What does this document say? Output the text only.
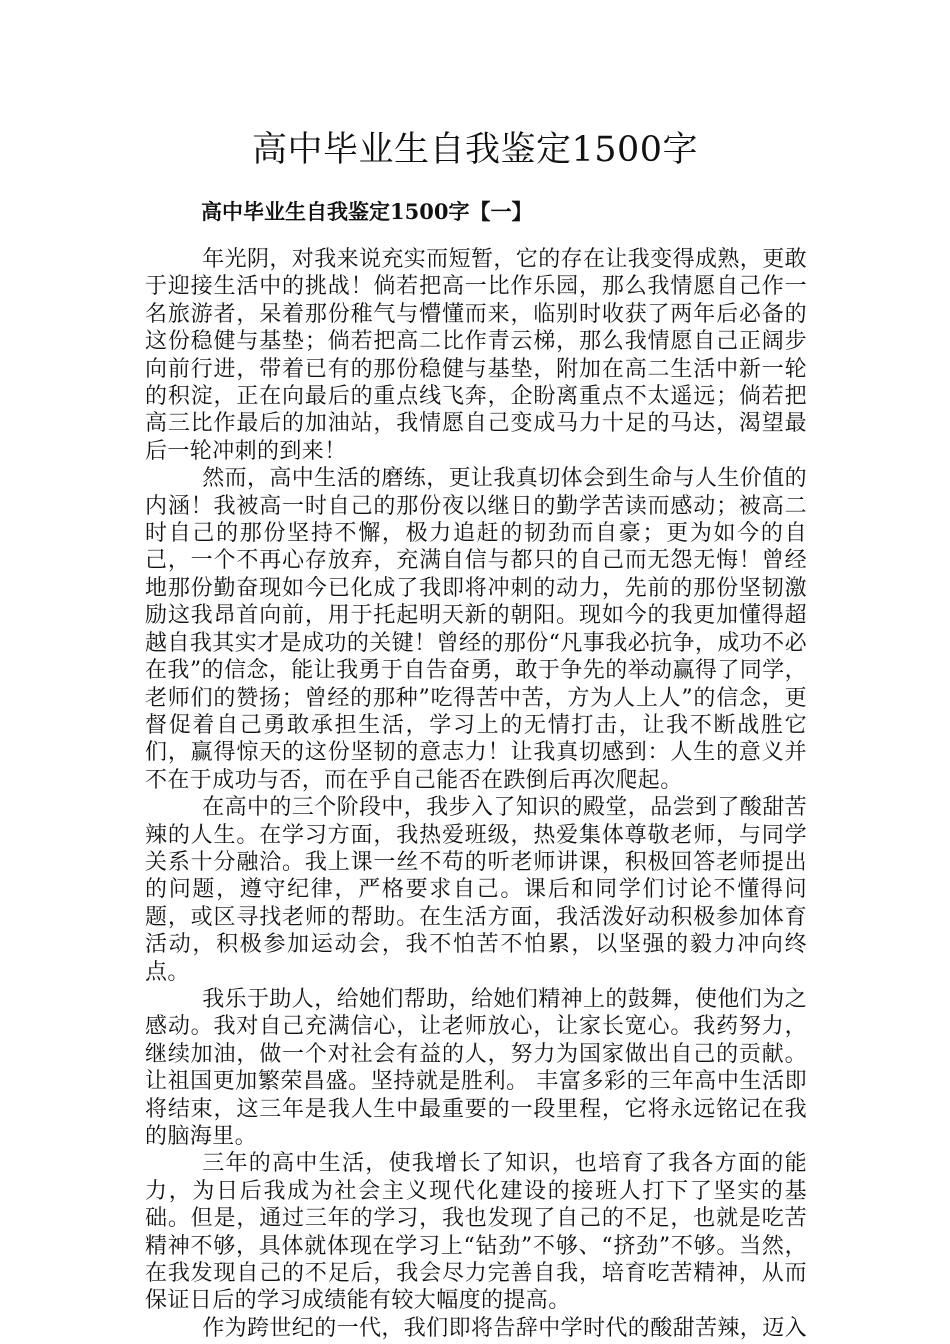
高中毕业生自我鉴定1500字
高中毕业生自我鉴定1500字【一】

年光阴，对我来说充实而短暂，它的存在让我变得成熟，更敢于迎接生活中的挑战！倘若把高一比作乐园，那么我情愿自己作一名旅游者，呆着那份稚气与懵懂而来，临别时收获了两年后必备的这份稳健与基垫；倘若把高二比作青云梯，那么我情愿自己正阔步向前行进，带着已有的那份稳健与基垫，附加在高二生活中新一轮的积淀，正在向最后的重点线飞奔，企盼离重点不太遥远；倘若把高三比作最后的加油站，我情愿自己变成马力十足的马达，渴望最后一轮冲刺的到来！

然而，高中生活的磨练，更让我真切体会到生命与人生价值的内涵！我被高一时自己的那份夜以继日的勤学苦读而感动；被高二时自己的那份坚持不懈，极力追赶的韧劲而自豪；更为如今的自己，一个不再心存放弃，充满自信与都只的自己而无怨无悔！曾经地那份勤奋现如今已化成了我即将冲刺的动力，先前的那份坚韧激励这我昂首向前，用于托起明天新的朝阳。现如今的我更加懂得超越自我其实才是成功的关键！曾经的那份“凡事我必抗争，成功不必在我”的信念，能让我勇于自告奋勇，敢于争先的举动赢得了同学，老师们的赞扬；曾经的那种”吃得苦中苦，方为人上人”的信念，更督促着自己勇敢承担生活，学习上的无情打击，让我不断战胜它们，赢得惊天的这份坚韧的意志力！让我真切感到：人生的意义并不在于成功与否，而在乎自己能否在跌倒后再次爬起。

在高中的三个阶段中，我步入了知识的殿堂，品尝到了酸甜苦辣的人生。在学习方面，我热爱班级，热爱集体尊敬老师，与同学关系十分融洽。我上课一丝不苟的听老师讲课，积极回答老师提出的问题，遵守纪律，严格要求自己。课后和同学们讨论不懂得问题，或区寻找老师的帮助。在生活方面，我活泼好动积极参加体育活动，积极参加运动会，我不怕苦不怕累，以坚强的毅力冲向终点。

我乐于助人，给她们帮助，给她们精神上的鼓舞，使他们为之感动。我对自己充满信心，让老师放心，让家长宽心。我药努力，继续加油，做一个对社会有益的人，努力为国家做出自己的贡献。让祖国更加繁荣昌盛。坚持就是胜利。 丰富多彩的三年高中生活即将结束，这三年是我人生中最重要的一段里程，它将永远铭记在我的脑海里。

三年的高中生活，使我增长了知识，也培育了我各方面的能力，为日后我成为社会主义现代化建设的接班人打下了坚实的基础。但是，通过三年的学习，我也发现了自己的不足，也就是吃苦精神不够，具体就体现在学习上“钻劲”不够、“挤劲”不够。当然，在我发现自己的不足后，我会尽力完善自我，培育吃苦精神，从而保证日后的学习成绩能有较大幅度的提高。

作为跨世纪的一代，我们即将告辞中学时代的酸甜苦辣，迈入
